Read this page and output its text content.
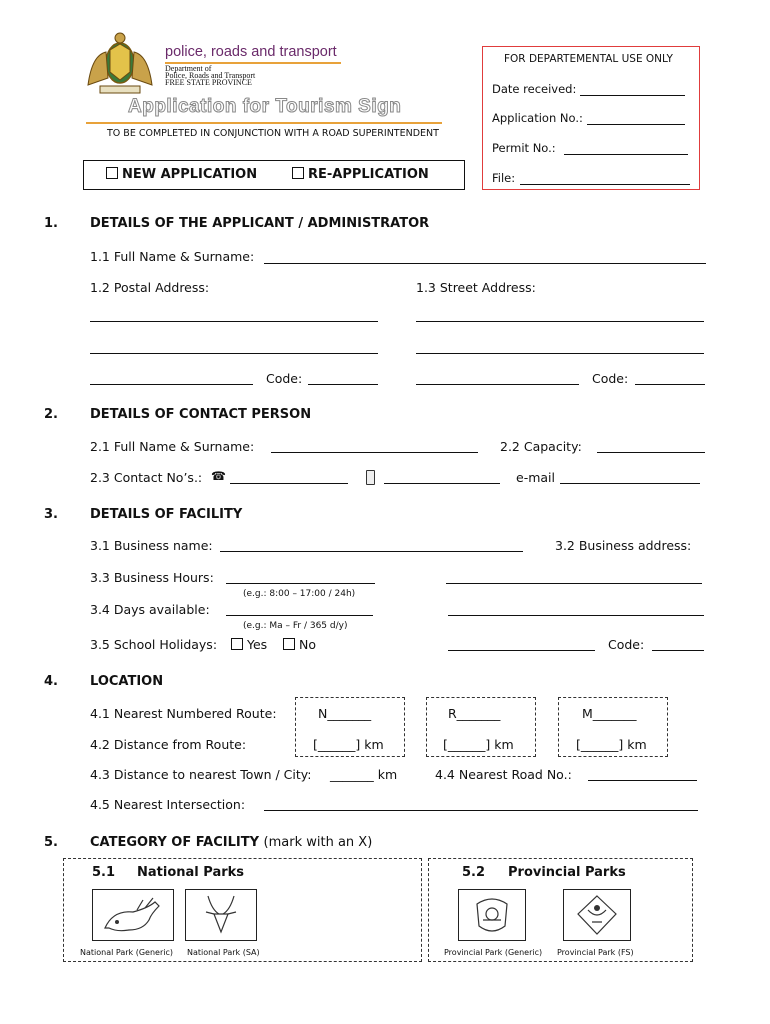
police, roads and transport
Department of
Police, Roads and Transport
FREE STATE PROVINCE
Application for Tourism Sign
TO BE COMPLETED IN CONJUNCTION WITH A ROAD SUPERINTENDENT
NEW APPLICATION	RE-APPLICATION
FOR DEPARTEMENTAL USE ONLY
Date received:
Application No.:
Permit No.:
File:
1. DETAILS OF THE APPLICANT / ADMINISTRATOR
1.1 Full Name & Surname:
1.2 Postal Address:	1.3 Street Address:
Code:	Code:
2. DETAILS OF CONTACT PERSON
2.1 Full Name & Surname:	2.2 Capacity:
2.3 Contact No’s.: ☎	e-mail
3. DETAILS OF FACILITY
3.1 Business name:	3.2 Business address:
3.3 Business Hours:
(e.g.: 8:00 – 17:00 / 24h)
3.4 Days available:
(e.g.: Ma – Fr / 365 d/y)
3.5 School Holidays:	Yes	No	Code:
4. LOCATION
4.1 Nearest Numbered Route:	N_______	R_______	M_______
4.2 Distance from Route:	[______] km	[______] km	[______] km
4.3 Distance to nearest Town / City: _______ km	4.4 Nearest Road No.:
4.5 Nearest Intersection:
5. CATEGORY OF FACILITY (mark with an X)
5.1 National Parks	5.2 Provincial Parks
National Park (Generic) National Park (SA)	Provincial Park (Generic) Provincial Park (FS)
